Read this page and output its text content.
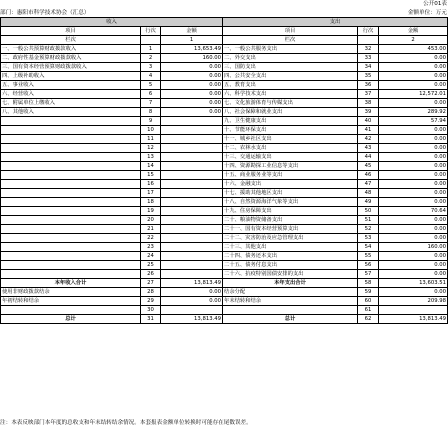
公开01表
部门：惠阳市科学技术协会（汇总）	金额单位：万元
收入			支出		
项目	行次	金额	项目	行次	金额
栏次		1	栏次		2
一、一般公共预算财政拨款收入	1	13,653.49	一、一般公共服务支出	32	453.00
二、政府性基金预算财政拨款收入	2	160.00	二、外交支出	33	0.00
三、国有资本经营预算财政拨款收入	3	0.00	三、国防支出	34	0.00
四、上级补助收入	4	0.00	四、公共安全支出	35	0.00
五、事业收入	5	0.00	五、教育支出	36	0.00
六、经营收入	6	0.00	六、科学技术支出	37	12,572.01
七、附属单位上缴收入	7	0.00	七、文化旅游体育与传媒支出	38	0.00
八、其他收入	8	0.00	八、社会保障和就业支出	39	289.92
	9		九、卫生健康支出	40	57.94
	10		十、节能环保支出	41	0.00
	11		十一、城乡社区支出	42	0.00
	12		十二、农林水支出	43	0.00
	13		十三、交通运输支出	44	0.00
	14		十四、资源勘探工业信息等支出	45	0.00
	15		十五、商业服务业等支出	46	0.00
	16		十六、金融支出	47	0.00
	17		十七、援助其他地区支出	48	0.00
	18		十八、自然资源海洋气象等支出	49	0.00
	19		十九、住房保障支出	50	70.64
	20		二十、粮油物资储备支出	51	0.00
	21		二十一、国有资本经营预算支出	52	0.00
	22		二十二、灾害防治及应急管理支出	53	0.00
	23		二十三、其他支出	54	160.00
	24		二十四、债务还本支出	55	0.00
	25		二十五、债务付息支出	56	0.00
	26		二十六、抗疫特别国债安排的支出	57	0.00
本年收入合计	27	13,813.49	本年支出合计	58	13,603.51
使用非财政拨款结余	28	0.00	结余分配	59	0.00
年初结转和结余	29	0.00	年末结转和结余	60	209.98
	30			61	
总计	31	13,813.49	总计	62	13,813.49
注：本表反映部门本年度的总收支和年末结转结余情况。本套报表金额单位转换时可能存在尾数误差。
